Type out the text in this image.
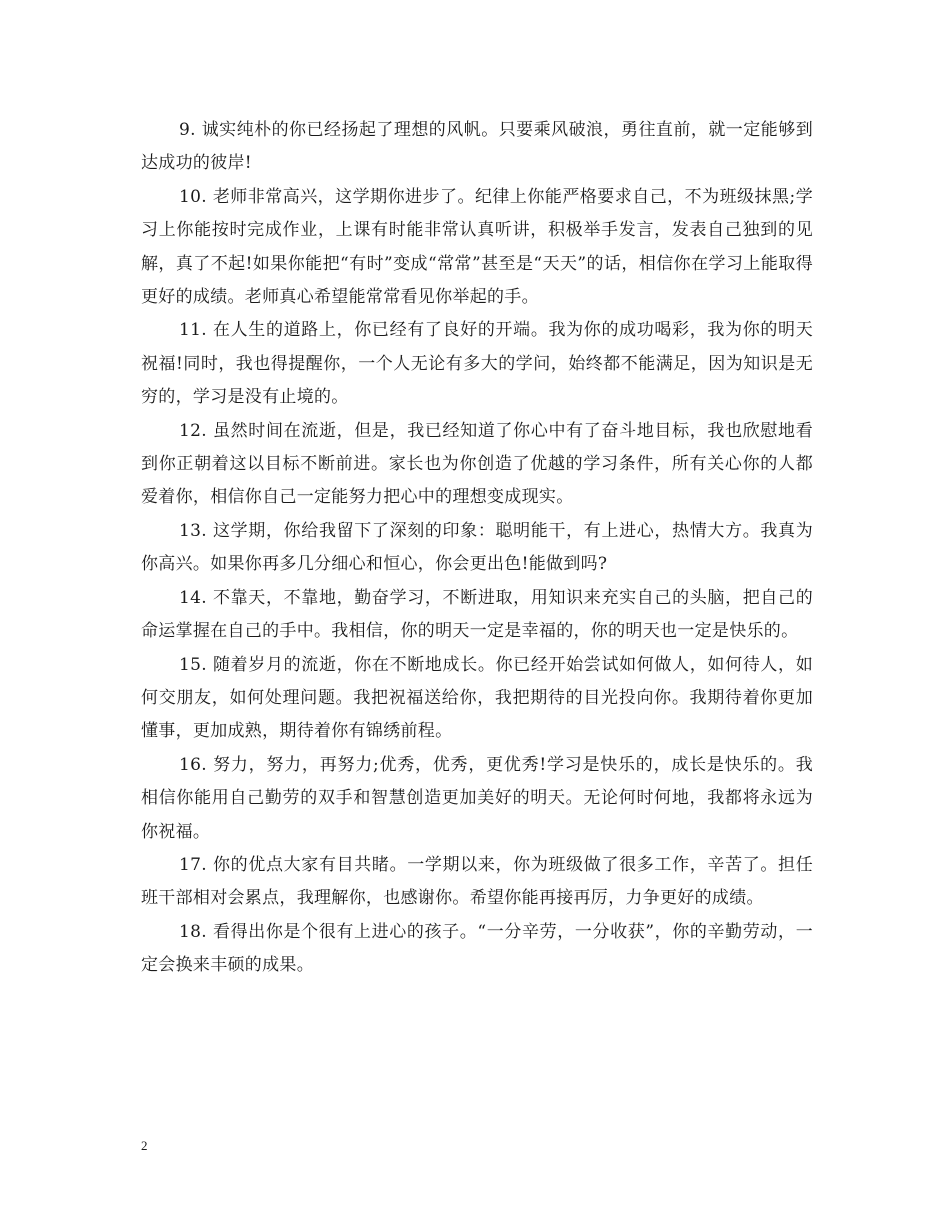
9. 诚实纯朴的你已经扬起了理想的风帆。只要乘风破浪，勇往直前，就一定能够到达成功的彼岸!

10. 老师非常高兴，这学期你进步了。纪律上你能严格要求自己，不为班级抹黑;学习上你能按时完成作业，上课有时能非常认真听讲，积极举手发言，发表自己独到的见解，真了不起!如果你能把“有时”变成“常常”甚至是“天天”的话，相信你在学习上能取得更好的成绩。老师真心希望能常常看见你举起的手。

11. 在人生的道路上，你已经有了良好的开端。我为你的成功喝彩，我为你的明天祝福!同时，我也得提醒你，一个人无论有多大的学问，始终都不能满足，因为知识是无穷的，学习是没有止境的。

12. 虽然时间在流逝，但是，我已经知道了你心中有了奋斗地目标，我也欣慰地看到你正朝着这以目标不断前进。家长也为你创造了优越的学习条件，所有关心你的人都爱着你，相信你自己一定能努力把心中的理想变成现实。

13. 这学期，你给我留下了深刻的印象：聪明能干，有上进心，热情大方。我真为你高兴。如果你再多几分细心和恒心，你会更出色!能做到吗?

14. 不靠天，不靠地，勤奋学习，不断进取，用知识来充实自己的头脑，把自己的命运掌握在自己的手中。我相信，你的明天一定是幸福的，你的明天也一定是快乐的。

15. 随着岁月的流逝，你在不断地成长。你已经开始尝试如何做人，如何待人，如何交朋友，如何处理问题。我把祝福送给你，我把期待的目光投向你。我期待着你更加懂事，更加成熟，期待着你有锦绣前程。

16. 努力，努力，再努力;优秀，优秀，更优秀!学习是快乐的，成长是快乐的。我相信你能用自己勤劳的双手和智慧创造更加美好的明天。无论何时何地，我都将永远为你祝福。

17. 你的优点大家有目共睹。一学期以来，你为班级做了很多工作，辛苦了。担任班干部相对会累点，我理解你，也感谢你。希望你能再接再厉，力争更好的成绩。

18. 看得出你是个很有上进心的孩子。“一分辛劳，一分收获”，你的辛勤劳动，一定会换来丰硕的成果。

2
